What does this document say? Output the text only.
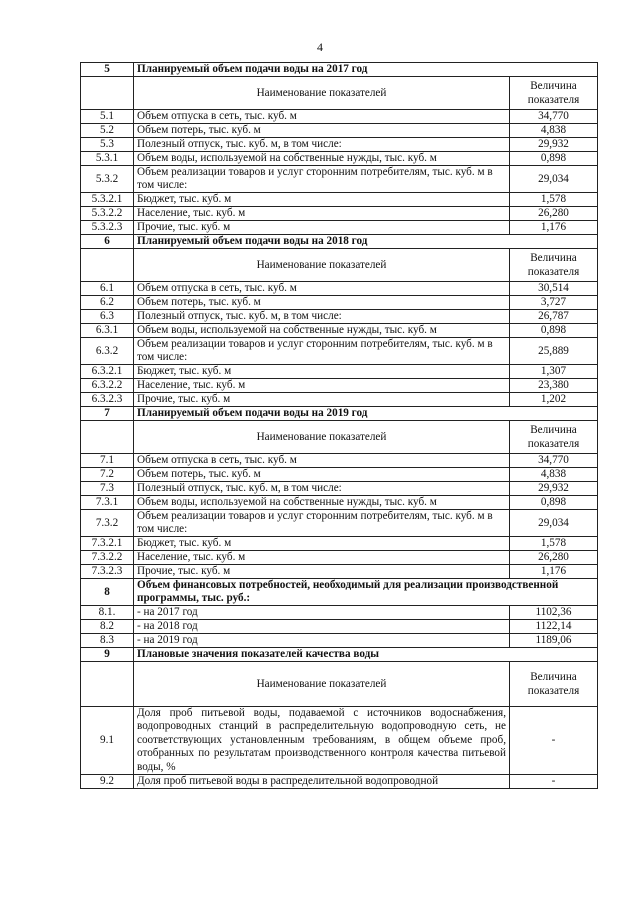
4
5	Планируемый объем подачи воды на 2017 год	
	Наименование показателей	Величина показателя
5.1	Объем отпуска в сеть, тыс. куб. м	34,770
5.2	Объем потерь, тыс. куб. м	4,838
5.3	Полезный отпуск, тыс. куб. м, в том числе:	29,932
5.3.1	Объем воды, используемой на собственные нужды, тыс. куб. м	0,898
5.3.2	Объем реализации товаров и услуг сторонним потребителям, тыс. куб. м в том числе:	29,034
5.3.2.1	Бюджет, тыс. куб. м	1,578
5.3.2.2	Население, тыс. куб. м	26,280
5.3.2.3	Прочие, тыс. куб. м	1,176
6	Планируемый объем подачи воды на 2018 год	
	Наименование показателей	Величина показателя
6.1	Объем отпуска в сеть, тыс. куб. м	30,514
6.2	Объем потерь, тыс. куб. м	3,727
6.3	Полезный отпуск, тыс. куб. м, в том числе:	26,787
6.3.1	Объем воды, используемой на собственные нужды, тыс. куб. м	0,898
6.3.2	Объем реализации товаров и услуг сторонним потребителям, тыс. куб. м в том числе:	25,889
6.3.2.1	Бюджет, тыс. куб. м	1,307
6.3.2.2	Население, тыс. куб. м	23,380
6.3.2.3	Прочие, тыс. куб. м	1,202
7	Планируемый объем подачи воды на 2019 год	
	Наименование показателей	Величина показателя
7.1	Объем отпуска в сеть, тыс. куб. м	34,770
7.2	Объем потерь, тыс. куб. м	4,838
7.3	Полезный отпуск, тыс. куб. м, в том числе:	29,932
7.3.1	Объем воды, используемой на собственные нужды, тыс. куб. м	0,898
7.3.2	Объем реализации товаров и услуг сторонним потребителям, тыс. куб. м в том числе:	29,034
7.3.2.1	Бюджет, тыс. куб. м	1,578
7.3.2.2	Население, тыс. куб. м	26,280
7.3.2.3	Прочие, тыс. куб. м	1,176
8	Объем финансовых потребностей, необходимый для реализации производственной программы, тыс. руб.:	
8.1.	- на 2017 год	1102,36
8.2	- на 2018 год	1122,14
8.3	- на 2019 год	1189,06
9	Плановые значения показателей качества воды	
	Наименование показателей	Величина показателя
9.1	Доля проб питьевой воды, подаваемой с источников водоснабжения, водопроводных станций в распределительную водопроводную сеть, не соответствующих установленным требованиям, в общем объеме проб, отобранных по результатам производственного контроля качества питьевой воды, %	-
9.2	Доля проб питьевой воды в распределительной водопроводной	-
